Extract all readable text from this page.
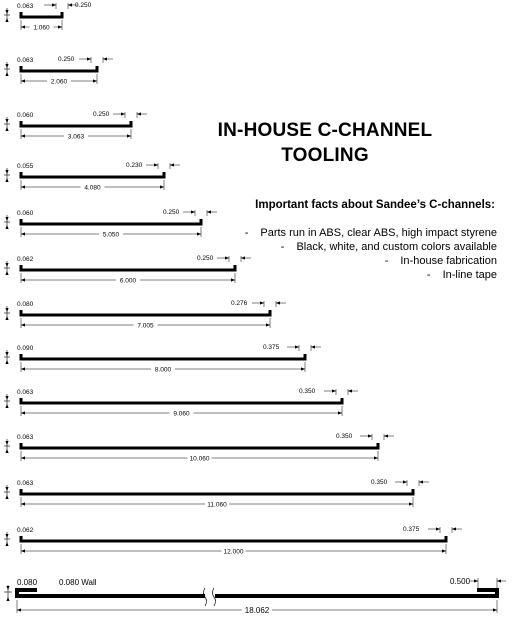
0.063	0.250
1.060
0.063	0.250
2.060
0.060	0.250
3.063
0.055	0.230
4.080
0.060	0.250
5.050
0.062	0.250
6.000
0.080	0.276
7.005
0.090	0.375
8.000
0.063	0.350
9.060
0.063	0.350
10.060
0.063	0.350
11.060
0.062	0.375
12.000
0.080	0.080 Wall	0.500
18.062
IN-HOUSE C-CHANNEL
TOOLING
Important facts about Sandee’s C-channels:
- Parts run in ABS, clear ABS, high impact styrene
- Black, white, and custom colors available
- In-house fabrication
- In-line tape
